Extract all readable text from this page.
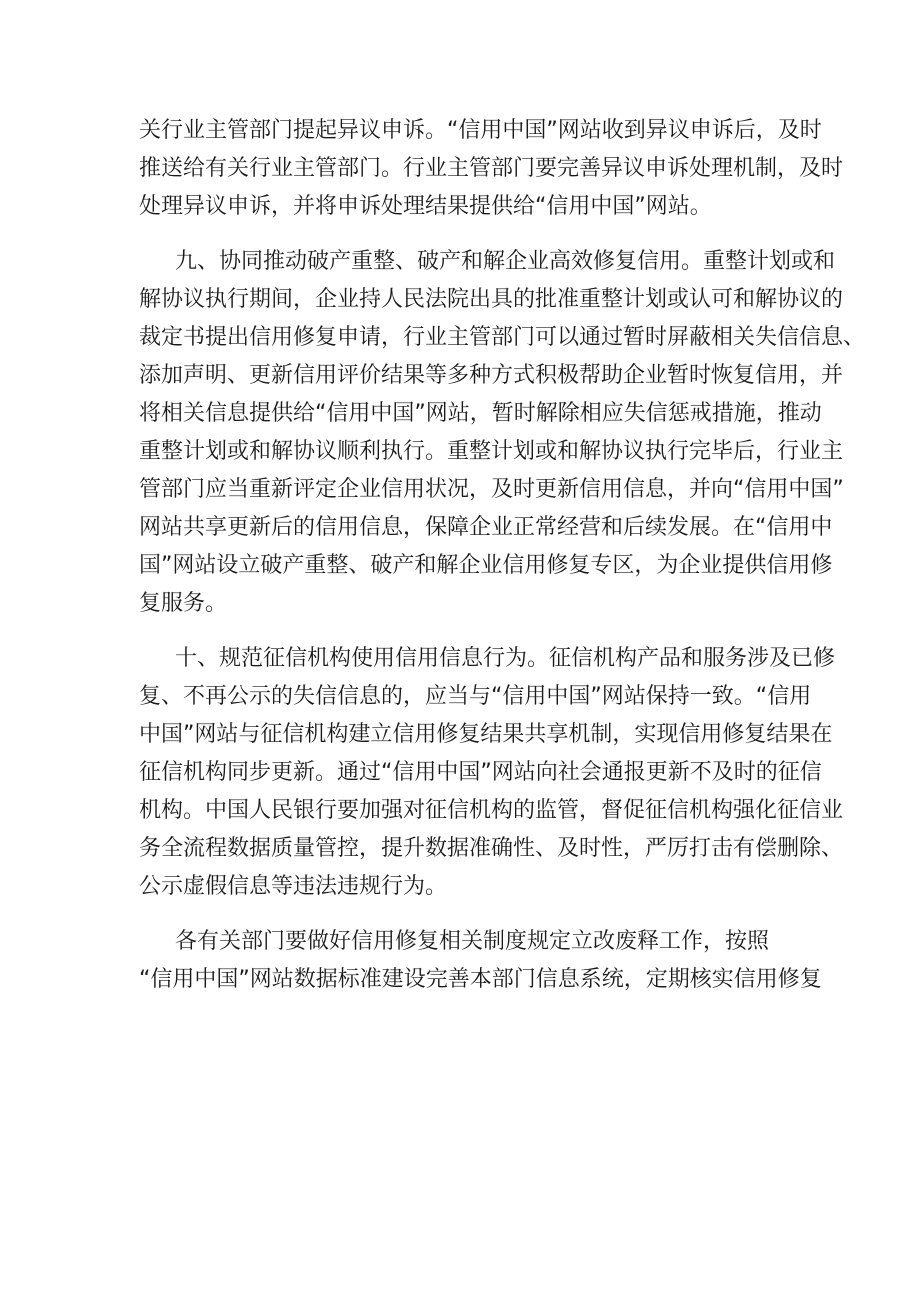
关行业主管部门提起异议申诉。“信用中国”网站收到异议申诉后，及时
推送给有关行业主管部门。行业主管部门要完善异议申诉处理机制，及时
处理异议申诉，并将申诉处理结果提供给“信用中国”网站。
九、协同推动破产重整、破产和解企业高效修复信用。重整计划或和
解协议执行期间，企业持人民法院出具的批准重整计划或认可和解协议的
裁定书提出信用修复申请，行业主管部门可以通过暂时屏蔽相关失信信息、
添加声明、更新信用评价结果等多种方式积极帮助企业暂时恢复信用，并
将相关信息提供给“信用中国”网站，暂时解除相应失信惩戒措施，推动
重整计划或和解协议顺利执行。重整计划或和解协议执行完毕后，行业主
管部门应当重新评定企业信用状况，及时更新信用信息，并向“信用中国”
网站共享更新后的信用信息，保障企业正常经营和后续发展。在“信用中
国”网站设立破产重整、破产和解企业信用修复专区，为企业提供信用修
复服务。
十、规范征信机构使用信用信息行为。征信机构产品和服务涉及已修
复、不再公示的失信信息的，应当与“信用中国”网站保持一致。“信用
中国”网站与征信机构建立信用修复结果共享机制，实现信用修复结果在
征信机构同步更新。通过“信用中国”网站向社会通报更新不及时的征信
机构。中国人民银行要加强对征信机构的监管，督促征信机构强化征信业
务全流程数据质量管控，提升数据准确性、及时性，严厉打击有偿删除、
公示虚假信息等违法违规行为。
各有关部门要做好信用修复相关制度规定立改废释工作，按照
“信用中国”网站数据标准建设完善本部门信息系统，定期核实信用修复
